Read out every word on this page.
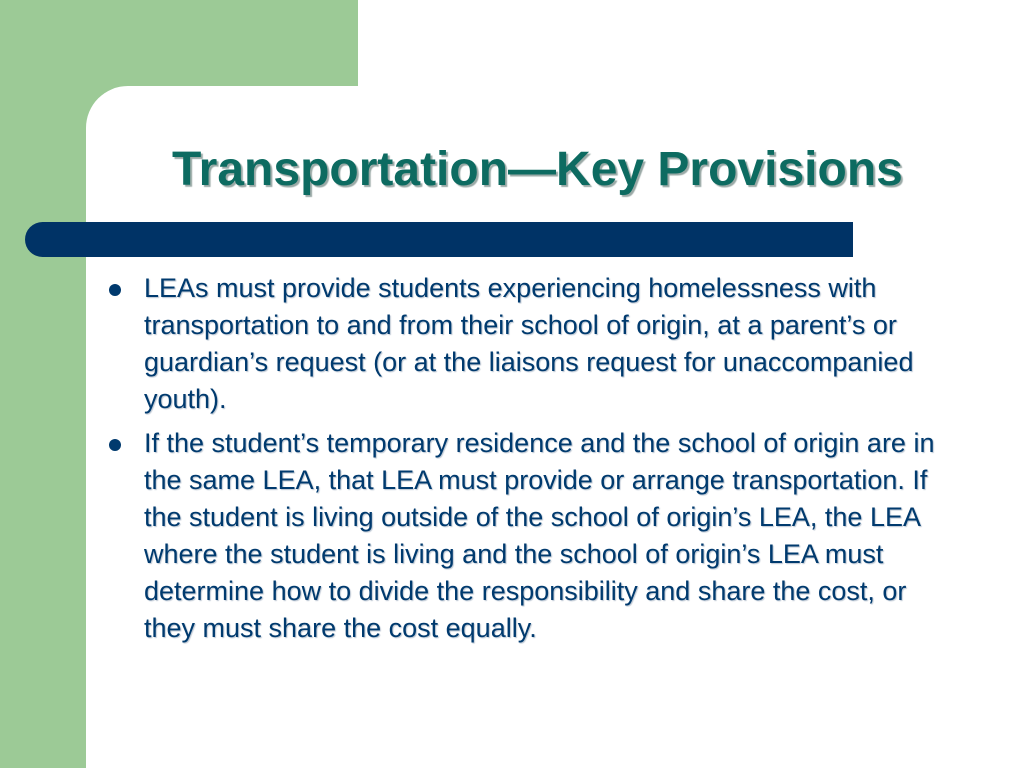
Transportation—Key Provisions
LEAs must provide students experiencing homelessness with transportation to and from their school of origin, at a parent’s or guardian’s request (or at the liaisons request for unaccompanied youth).
If the student’s temporary residence and the school of origin are in the same LEA, that LEA must provide or arrange transportation. If the student is living outside of the school of origin’s LEA, the LEA where the student is living and the school of origin’s LEA must determine how to divide the responsibility and share the cost, or they must share the cost equally.
